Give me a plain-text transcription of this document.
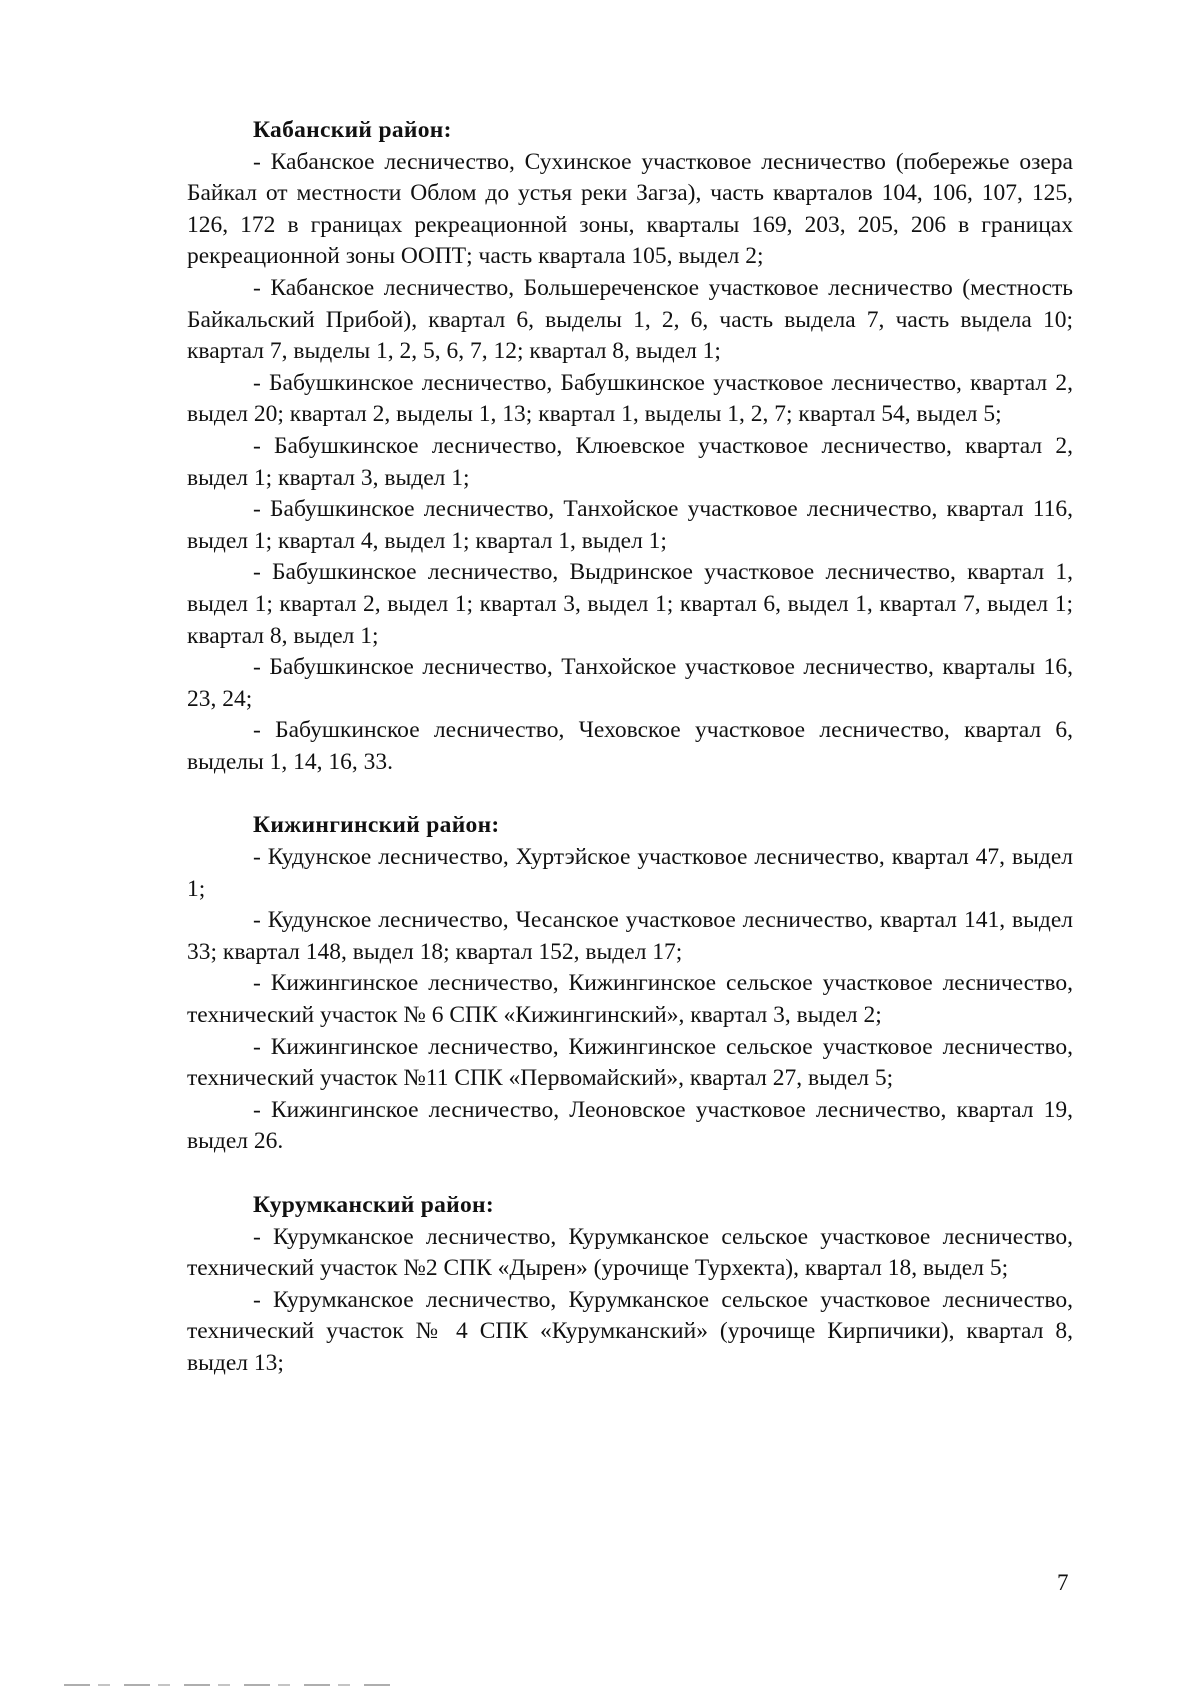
Кабанский район:

- Кабанское лесничество, Сухинское участковое лесничество (побережье озера Байкал от местности Облом до устья реки Загза), часть кварталов 104, 106, 107, 125, 126, 172 в границах рекреационной зоны, кварталы 169, 203, 205, 206 в границах рекреационной зоны ООПТ; часть квартала 105, выдел 2;

- Кабанское лесничество, Большереченское участковое лесничество (местность Байкальский Прибой), квартал 6, выделы 1, 2, 6, часть выдела 7, часть выдела 10; квартал 7, выделы 1, 2, 5, 6, 7, 12; квартал 8, выдел 1;

- Бабушкинское лесничество, Бабушкинское участковое лесничество, квартал 2, выдел 20; квартал 2, выделы 1, 13; квартал 1, выделы 1, 2, 7; квартал 54, выдел 5;

- Бабушкинское лесничество, Клюевское участковое лесничество, квартал 2, выдел 1; квартал 3, выдел 1;

- Бабушкинское лесничество, Танхойское участковое лесничество, квартал 116, выдел 1; квартал 4, выдел 1; квартал 1, выдел 1;

- Бабушкинское лесничество, Выдринское участковое лесничество, квартал 1, выдел 1; квартал 2, выдел 1; квартал 3, выдел 1; квартал 6, выдел 1, квартал 7, выдел 1; квартал 8, выдел 1;

- Бабушкинское лесничество, Танхойское участковое лесничество, кварталы 16, 23, 24;

- Бабушкинское лесничество, Чеховское участковое лесничество, квартал 6, выделы 1, 14, 16, 33.

Кижингинский район:

- Кудунское лесничество, Хуртэйское участковое лесничество, квартал 47, выдел 1;

- Кудунское лесничество, Чесанское участковое лесничество, квартал 141, выдел 33; квартал 148, выдел 18; квартал 152, выдел 17;

- Кижингинское лесничество, Кижингинское сельское участковое лесничество, технический участок № 6 СПК «Кижингинский», квартал 3, выдел 2;

- Кижингинское лесничество, Кижингинское сельское участковое лесничество, технический участок №11 СПК «Первомайский», квартал 27, выдел 5;

- Кижингинское лесничество, Леоновское участковое лесничество, квартал 19, выдел 26.

Курумканский район:

- Курумканское лесничество, Курумканское сельское участковое лесничество, технический участок №2 СПК «Дырен» (урочище Турхекта), квартал 18, выдел 5;

- Курумканское лесничество, Курумканское сельское участковое лесничество, технический участок № 4 СПК «Курумканский» (урочище Кирпичики), квартал 8, выдел 13;

7
